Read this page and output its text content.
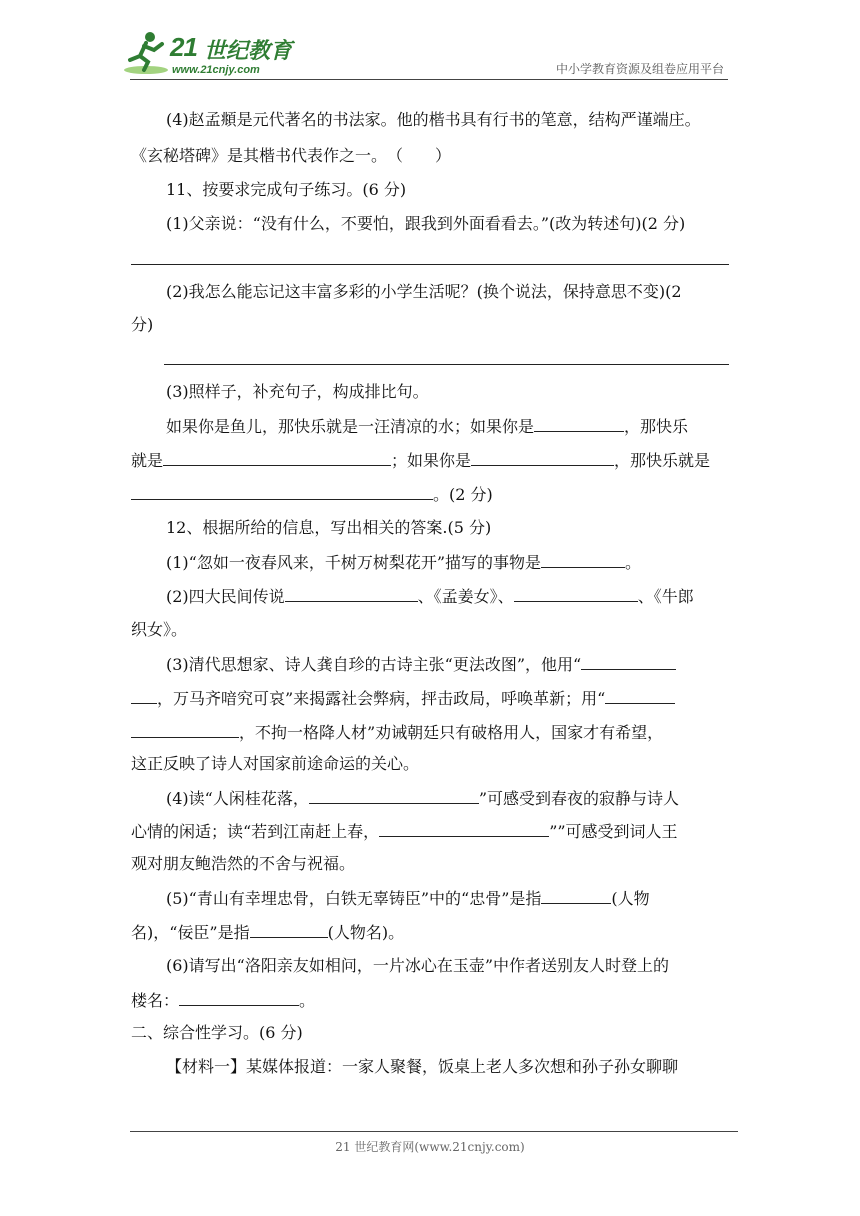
21 世纪教育
www.21cnjy.com	中小学教育资源及组卷应用平台
(4)赵孟頫是元代著名的书法家。他的楷书具有行书的笔意，结构严谨端庄。
《玄秘塔碑》是其楷书代表作之一。　（　　）
11、按要求完成句子练习。(6 分)
(1)父亲说：“没有什么，不要怕，跟我到外面看看去。”(改为转述句)(2 分)
(2)我怎么能忘记这丰富多彩的小学生活呢？(换个说法，保持意思不变)(2
分)
(3)照样子，补充句子，构成排比句。
如果你是鱼儿，那快乐就是一汪清凉的水；如果你是	，那快乐
就是	；如果你是	，那快乐就是
。(2 分)
12、根据所给的信息，写出相关的答案.(5 分)
(1)“忽如一夜春风来，千树万树梨花开”描写的事物是	。
(2)四大民间传说	、《孟姜女》、	、《牛郎
织女》。
(3)清代思想家、诗人龚自珍的古诗主张“更法改图”，他用“
，万马齐喑究可哀”来揭露社会弊病，抨击政局，呼唤革新；用“
，不拘一格降人材”劝诫朝廷只有破格用人，国家才有希望，
这正反映了诗人对国家前途命运的关心。
(4)读“人闲桂花落，	”可感受到春夜的寂静与诗人
心情的闲适；读“若到江南赶上春，	””可感受到词人王
观对朋友鲍浩然的不舍与祝福。
(5)“青山有幸埋忠骨，白铁无辜铸臣”中的“忠骨”是指	(人物
名)，“佞臣”是指	(人物名)。
(6)请写出“洛阳亲友如相问，一片冰心在玉壶”中作者送别友人时登上的
楼名：	。
二、综合性学习。(6 分)
【材料一】某媒体报道：一家人聚餐，饭桌上老人多次想和孙子孙女聊聊
21 世纪教育网(www.21cnjy.com)
